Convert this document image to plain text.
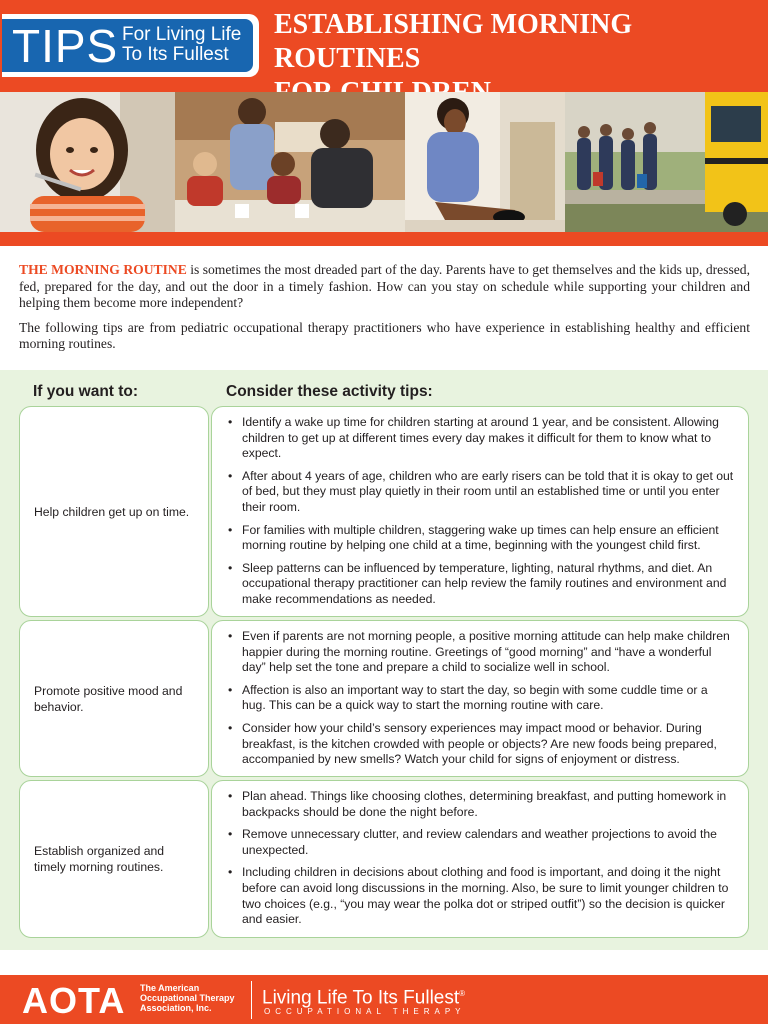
TIPS For Living Life
To Its Fullest
ESTABLISHING MORNING ROUTINES

THE MORNING ROUTINE is sometimes the most dreaded part of the day. Parents have to get themselves and the kids up, dressed, fed, prepared for the day, and out the door in a timely fashion. How can you stay on schedule while supporting your children and helping them become more independent?

The following tips are from pediatric occupational therapy practitioners who have experience in establishing healthy and efficient morning routines.

If you want to:	Consider these activity tips:
Help children get up on time.
• Identify a wake up time for children starting at around 1 year, and be consistent. Allowing children to get up at different times every day makes it difficult for them to know what to expect.
• After about 4 years of age, children who are early risers can be told that it is okay to get out of bed, but they must play quietly in their room until an established time or until you enter their room.
• For families with multiple children, staggering wake up times can help ensure an efficient morning routine by helping one child at a time, beginning with the youngest child first.
• Sleep patterns can be influenced by temperature, lighting, natural rhythms, and diet. An occupational therapy practitioner can help review the family routines and environment and make recommendations as needed.
Promote positive mood and behavior.
• Even if parents are not morning people, a positive morning attitude can help make children happier during the morning routine. Greetings of “good morning” and “have a wonderful day” help set the tone and prepare a child to socialize well in school.
• Affection is also an important way to start the day, so begin with some cuddle time or a hug. This can be a quick way to start the morning routine with care.
• Consider how your child’s sensory experiences may impact mood or behavior. During breakfast, is the kitchen crowded with people or objects? Are new foods being prepared, accompanied by new smells? Watch your child for signs of enjoyment or distress.
Establish organized and timely morning routines.
• Plan ahead. Things like choosing clothes, determining breakfast, and putting homework in backpacks should be done the night before.
• Remove unnecessary clutter, and review calendars and weather projections to avoid the unexpected.
• Including children in decisions about clothing and food is important, and doing it the night before can avoid long discussions in the morning. Also, be sure to limit younger children to two choices (e.g., “you may wear the polka dot or striped outfit”) so the decision is quicker and easier.
AOTA The American
Occupational Therapy
Association, Inc.	Living Life To Its Fullest®
OCCUPATIONAL THERAPY
